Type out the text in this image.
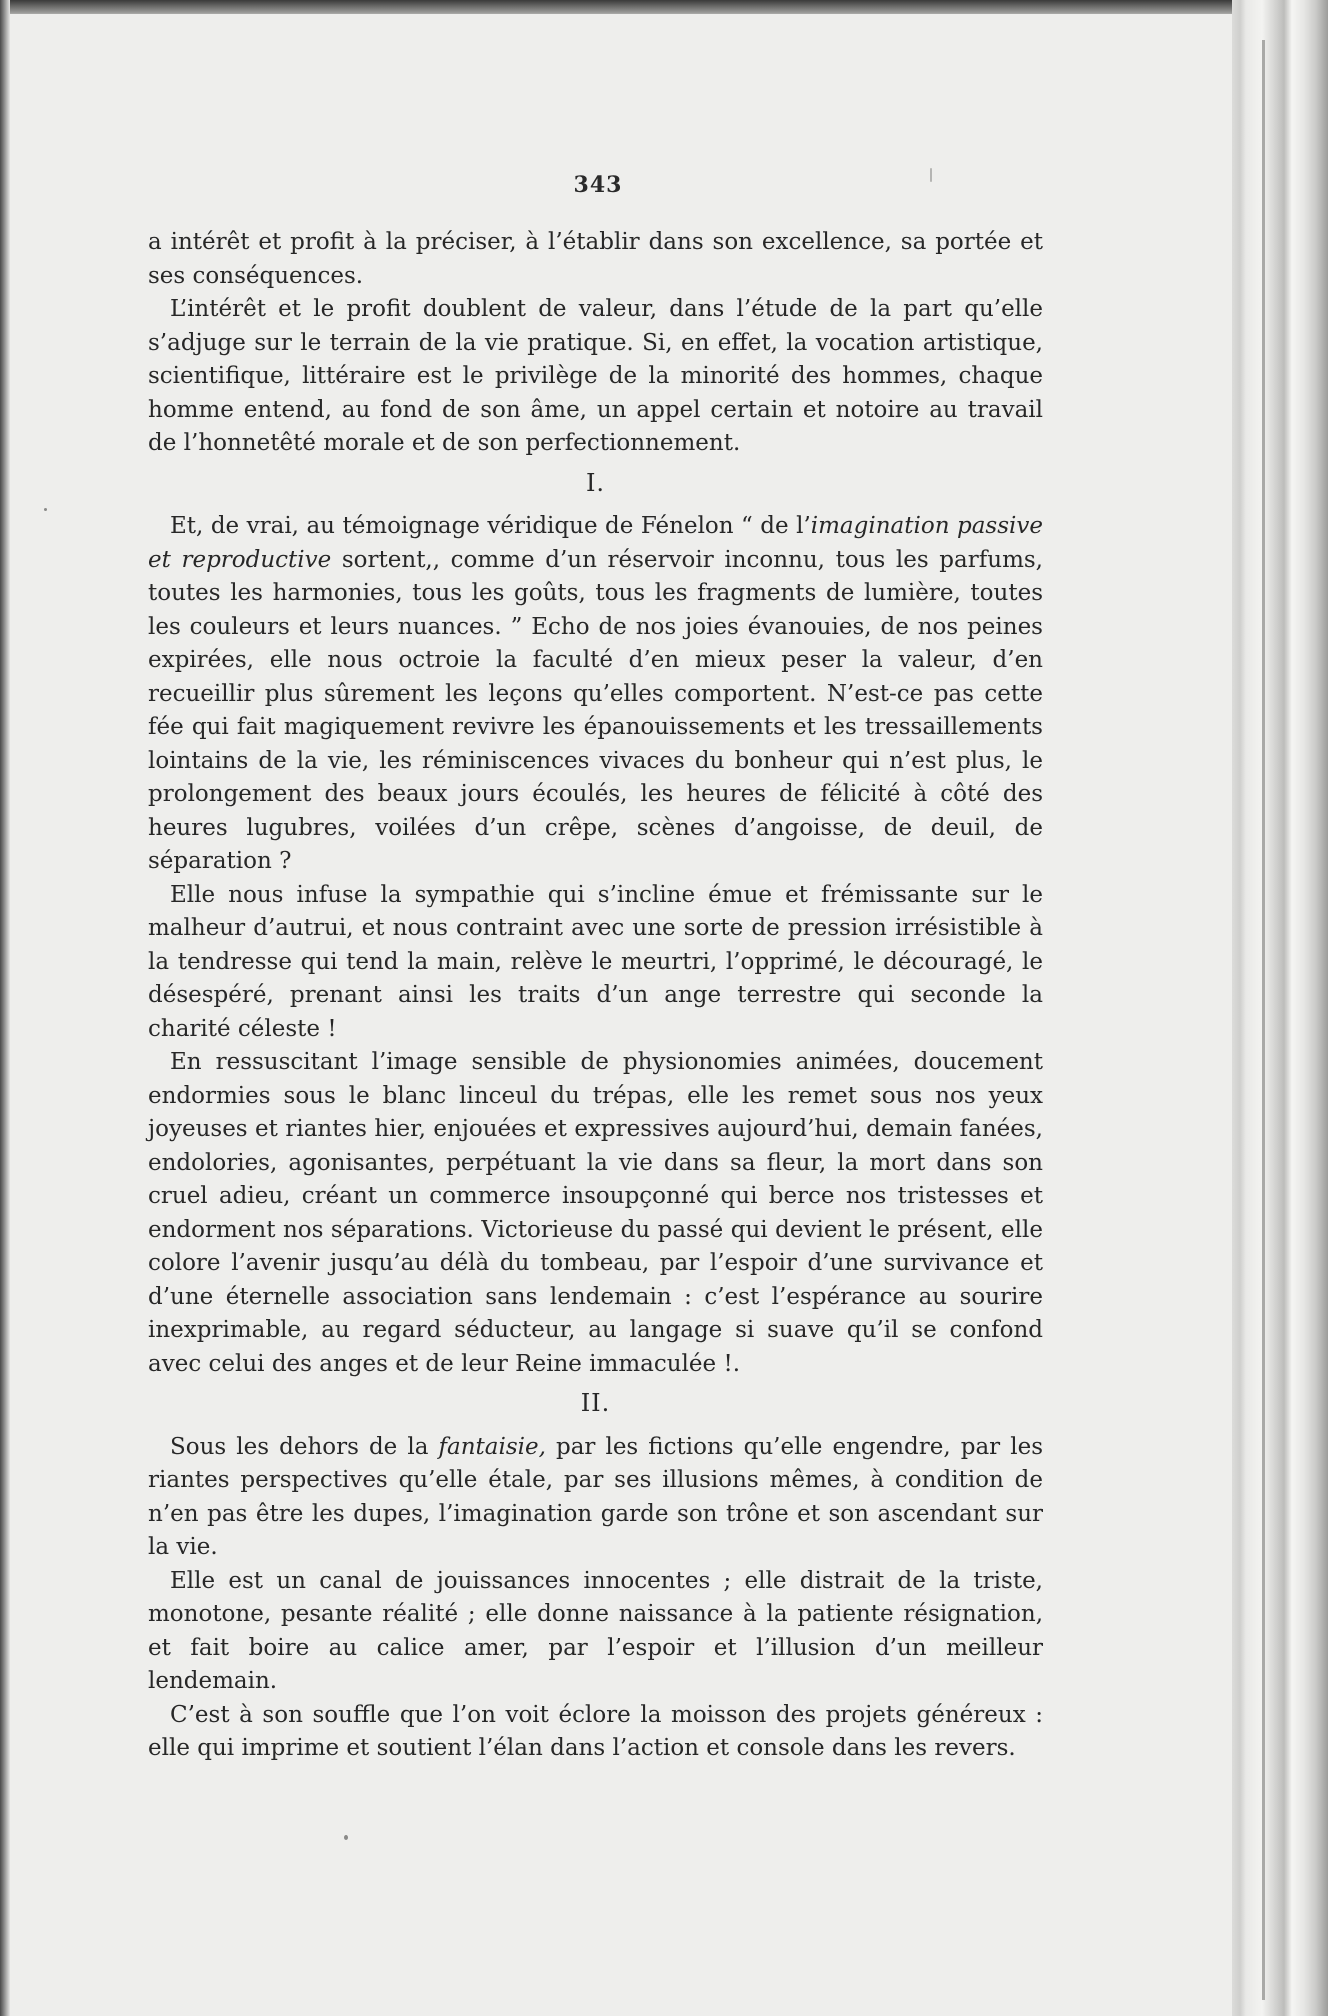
343

a intérêt et profit à la préciser, à l’établir dans son excellence, sa portée et ses conséquences.

L’intérêt et le profit doublent de valeur, dans l’étude de la part qu’elle s’adjuge sur le terrain de la vie pratique. Si, en effet, la vocation artistique, scientifique, littéraire est le privilège de la minorité des hommes, chaque homme entend, au fond de son âme, un appel certain et notoire au travail de l’honnetêté morale et de son perfectionnement.

I.

Et, de vrai, au témoignage véridique de Fénelon “ de l’imagination passive et reproductive sortent,, comme d’un réservoir inconnu, tous les parfums, toutes les harmonies, tous les goûts, tous les fragments de lumière, toutes les couleurs et leurs nuances. ” Echo de nos joies évanouies, de nos peines expirées, elle nous octroie la faculté d’en mieux peser la valeur, d’en recueillir plus sûrement les leçons qu’elles comportent. N’est-ce pas cette fée qui fait magiquement revivre les épanouissements et les tressaillements lointains de la vie, les réminiscences vivaces du bonheur qui n’est plus, le prolongement des beaux jours écoulés, les heures de félicité à côté des heures lugubres, voilées d’un crêpe, scènes d’angoisse, de deuil, de séparation ?

Elle nous infuse la sympathie qui s’incline émue et frémissante sur le malheur d’autrui, et nous contraint avec une sorte de pression irrésistible à la tendresse qui tend la main, relève le meurtri, l’opprimé, le découragé, le désespéré, prenant ainsi les traits d’un ange terrestre qui seconde la charité céleste !

En ressuscitant l’image sensible de physionomies animées, doucement endormies sous le blanc linceul du trépas, elle les remet sous nos yeux joyeuses et riantes hier, enjouées et expressives aujourd’hui, demain fanées, endolories, agonisantes, perpétuant la vie dans sa fleur, la mort dans son cruel adieu, créant un commerce insoupçonné qui berce nos tristesses et endorment nos séparations. Victorieuse du passé qui devient le présent, elle colore l’avenir jusqu’au délà du tombeau, par l’espoir d’une survivance et d’une éternelle association sans lendemain : c’est l’espérance au sourire inexprimable, au regard séducteur, au langage si suave qu’il se confond avec celui des anges et de leur Reine immaculée !.

II.

Sous les dehors de la fantaisie, par les fictions qu’elle engendre, par les riantes perspectives qu’elle étale, par ses illusions mêmes, à condition de n’en pas être les dupes, l’imagination garde son trône et son ascendant sur la vie.

Elle est un canal de jouissances innocentes ; elle distrait de la triste, monotone, pesante réalité ; elle donne naissance à la patiente résignation, et fait boire au calice amer, par l’espoir et l’illusion d’un meilleur lendemain.

C’est à son souffle que l’on voit éclore la moisson des projets généreux : elle qui imprime et soutient l’élan dans l’action et console dans les revers.
